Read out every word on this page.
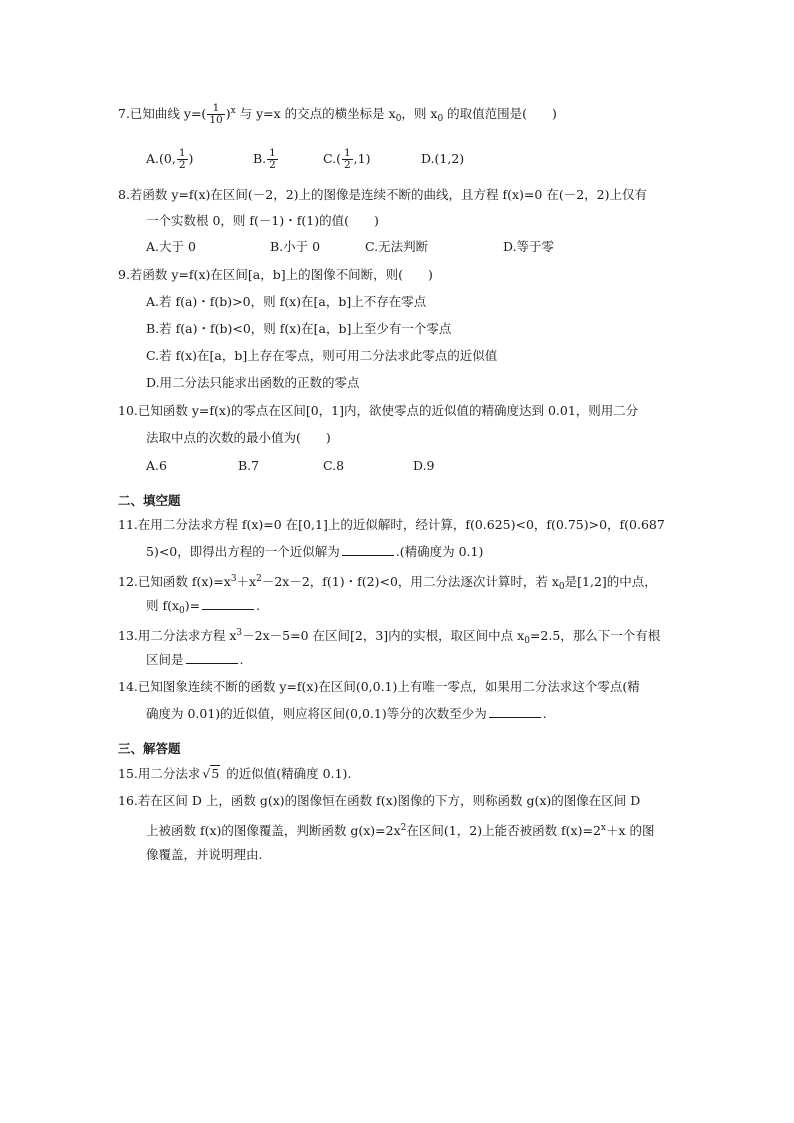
7.已知曲线 $y=( \frac{1}{10} )^x$ 与 y=x 的交点的横坐标是 $x_0$，则 $x_0$ 的取值范围是(　　)
A.(0, $\frac{1}{2}$ )	B. $\frac{1}{2}$	$C.( \frac{1}{2} ,1)$	D.(1,2)
8.若函数 y=f(x)在区间(－2，2)上的图像是连续不断的曲线，且方程 f(x)=0 在(－2，2)上仅有
一个实数根 0，则 f(－1)・f(1)的值(　　)
A.大于 0	B.小于 0	C.无法判断	D.等于零
9.若函数 y=f(x)在区间[a，b]上的图像不间断，则(　　)
A.若 f(a)・f(b)>0，则 f(x)在[a，b]上不存在零点
B.若 f(a)・f(b)<0，则 f(x)在[a，b]上至少有一个零点
C.若 f(x)在[a，b]上存在零点，则可用二分法求此零点的近似值
D.用二分法只能求出函数的正数的零点
10.已知函数 y=f(x)的零点在区间[0，1]内，欲使零点的近似值的精确度达到 0.01，则用二分
法取中点的次数的最小值为(　　)
A.6	B.7	C.8	D.9
二、填空题
11.在用二分法求方程 f(x)=0 在[0,1]上的近似解时，经计算，f(0.625)<0，f(0.75)>0，f(0.687
5)<0，即得出方程的一个近似解为	.(精确度为 0.1)
12.已知函数 $f(x)=x^3+x^2-2x-2$，f(1)・f(2)<0，用二分法逐次计算时，若 $x_0$是[1,2]的中点，
则 $f(x_0)=$	.
13.用二分法求方程 $x^3-2x-5=0$ 在区间[2，3]内的实根，取区间中点 $x_0=2.5$，那么下一个有根
区间是	.
14.已知图象连续不断的函数 y=f(x)在区间(0,0.1)上有唯一零点，如果用二分法求这个零点(精
确度为 0.01)的近似值，则应将区间(0,0.1)等分的次数至少为	.
三、解答题
15.用二分法求 √5 的近似值(精确度 0.1).
16.若在区间 D 上，函数 g(x)的图像恒在函数 f(x)图像的下方，则称函数 g(x)的图像在区间 D
上被函数 f(x)的图像覆盖，判断函数 $g(x)=2x^2$在区间(1，2)上能否被函数 $f(x)=2^x+x$ 的图
像覆盖，并说明理由.
